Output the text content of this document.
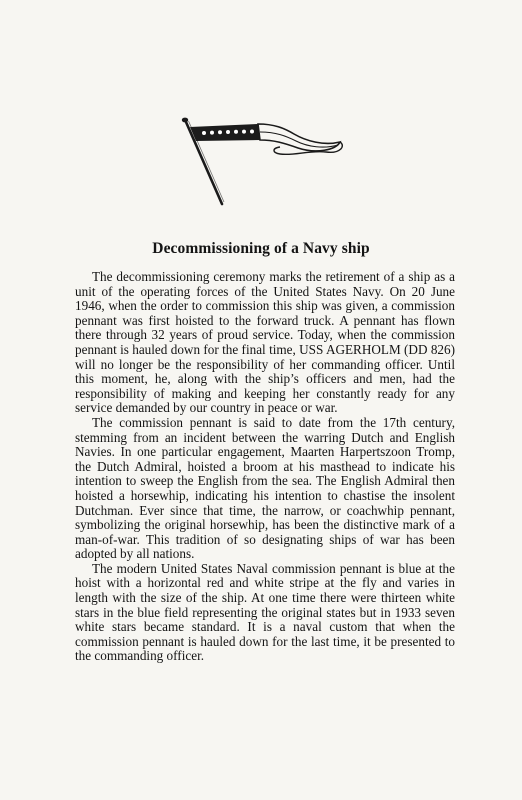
Decommissioning of a Navy ship

The decommissioning ceremony marks the retirement of a ship as a unit of the operating forces of the United States Navy. On 20 June 1946, when the order to commission this ship was given, a commission pennant was first hoisted to the forward truck. A pennant has flown there through 32 years of proud service. Today, when the commission pennant is hauled down for the final time, USS AGERHOLM (DD 826) will no longer be the responsibility of her commanding officer. Until this moment, he, along with the ship’s officers and men, had the responsibility of making and keeping her constantly ready for any service demanded by our country in peace or war.

The commission pennant is said to date from the 17th century, stemming from an incident between the warring Dutch and English Navies. In one particular engagement, Maarten Harpertszoon Tromp, the Dutch Admiral, hoisted a broom at his masthead to indicate his intention to sweep the English from the sea. The English Admiral then hoisted a horsewhip, indicating his intention to chastise the insolent Dutchman. Ever since that time, the narrow, or coachwhip pennant, symbolizing the original horsewhip, has been the distinctive mark of a man-of-war. This tradition of so designating ships of war has been adopted by all nations.

The modern United States Naval commission pennant is blue at the hoist with a horizontal red and white stripe at the fly and varies in length with the size of the ship. At one time there were thirteen white stars in the blue field representing the original states but in 1933 seven white stars became standard. It is a naval custom that when the commission pennant is hauled down for the last time, it be presented to the commanding officer.
